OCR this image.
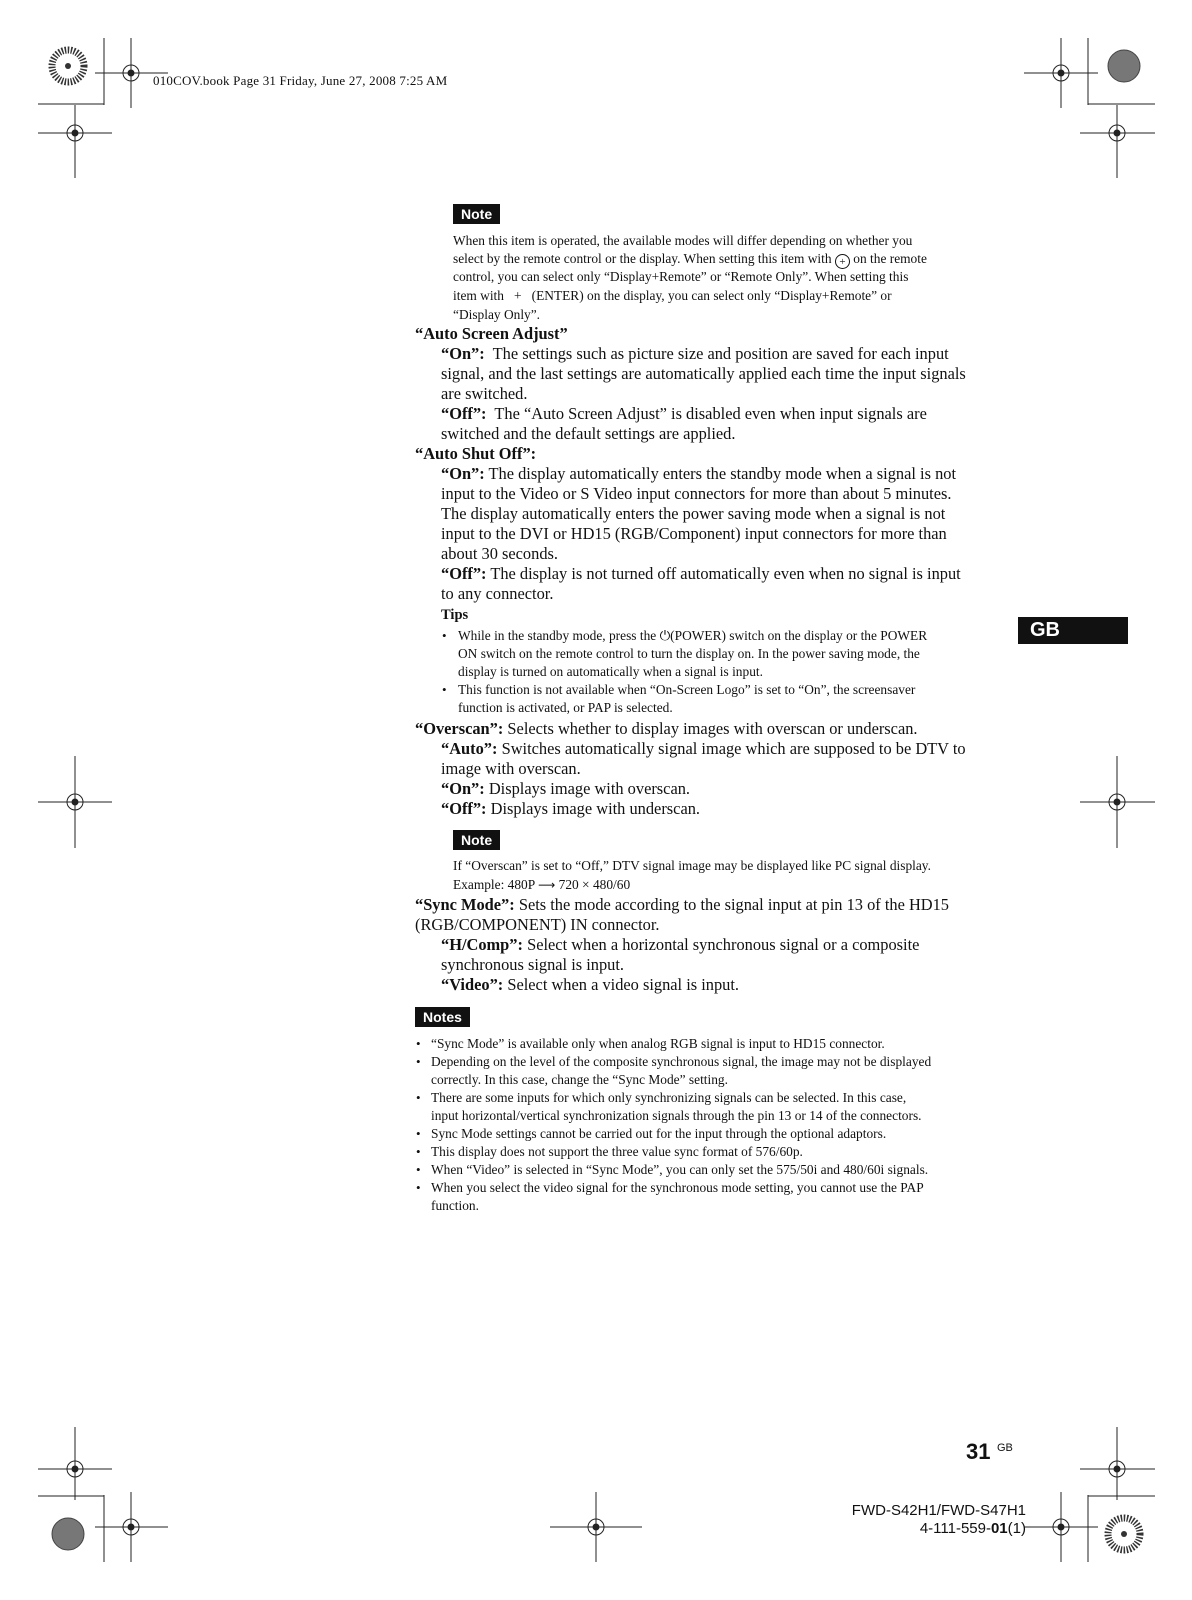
010COV.book Page 31 Friday, June 27, 2008 7:25 AM
Note
When this item is operated, the available modes will differ depending on whether you
select by the remote control or the display. When setting this item with + on the remote
control, you can select only “Display+Remote” or “Remote Only”. When setting this
item with + (ENTER) on the display, you can select only “Display+Remote” or
“Display Only”.
“Auto Screen Adjust”
“On”: The settings such as picture size and position are saved for each input
signal, and the last settings are automatically applied each time the input signals
are switched.
“Off”: The “Auto Screen Adjust” is disabled even when input signals are
switched and the default settings are applied.
“Auto Shut Off”:
“On”: The display automatically enters the standby mode when a signal is not
input to the Video or S Video input connectors for more than about 5 minutes.
The display automatically enters the power saving mode when a signal is not
input to the DVI or HD15 (RGB/Component) input connectors for more than
about 30 seconds.
“Off”: The display is not turned off automatically even when no signal is input
to any connector.
Tips
• While in the standby mode, press the ⏻(POWER) switch on the display or the POWER
ON switch on the remote control to turn the display on. In the power saving mode, the
display is turned on automatically when a signal is input.
• This function is not available when “On-Screen Logo” is set to “On”, the screensaver
function is activated, or PAP is selected.
GB
“Overscan”: Selects whether to display images with overscan or underscan.
“Auto”: Switches automatically signal image which are supposed to be DTV to
image with overscan.
“On”: Displays image with overscan.
“Off”: Displays image with underscan.
Note
If “Overscan” is set to “Off,” DTV signal image may be displayed like PC signal display.
Example: 480P ⟶ 720 × 480/60
“Sync Mode”: Sets the mode according to the signal input at pin 13 of the HD15
(RGB/COMPONENT) IN connector.
“H/Comp”: Select when a horizontal synchronous signal or a composite
synchronous signal is input.
“Video”: Select when a video signal is input.
Notes
• “Sync Mode” is available only when analog RGB signal is input to HD15 connector.
• Depending on the level of the composite synchronous signal, the image may not be displayed
correctly. In this case, change the “Sync Mode” setting.
• There are some inputs for which only synchronizing signals can be selected. In this case,
input horizontal/vertical synchronization signals through the pin 13 or 14 of the connectors.
• Sync Mode settings cannot be carried out for the input through the optional adaptors.
• This display does not support the three value sync format of 576/60p.
• When “Video” is selected in “Sync Mode”, you can only set the 575/50i and 480/60i signals.
• When you select the video signal for the synchronous mode setting, you cannot use the PAP
function.
31 GB
FWD-S42H1/FWD-S47H1
4-111-559-01(1)
